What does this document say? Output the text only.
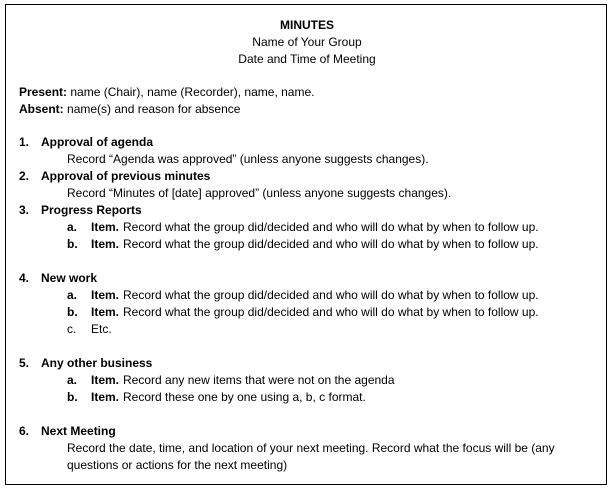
MINUTES
Name of Your Group
Date and Time of Meeting
Present: name (Chair), name (Recorder), name, name.
Absent: name(s) and reason for absence
1. Approval of agenda
Record “Agenda was approved” (unless anyone suggests changes).
2. Approval of previous minutes
Record “Minutes of [date] approved” (unless anyone suggests changes).
3. Progress Reports
a.	Item. Record what the group did/decided and who will do what by when to follow up.
b.	Item. Record what the group did/decided and who will do what by when to follow up.
4. New work
a.	Item. Record what the group did/decided and who will do what by when to follow up.
b.	Item. Record what the group did/decided and who will do what by when to follow up.
c.	Etc.
5. Any other business
a.	Item. Record any new items that were not on the agenda
b.	Item. Record these one by one using a, b, c format.
6. Next Meeting
Record the date, time, and location of your next meeting. Record what the focus will be (any questions or actions for the next meeting)
